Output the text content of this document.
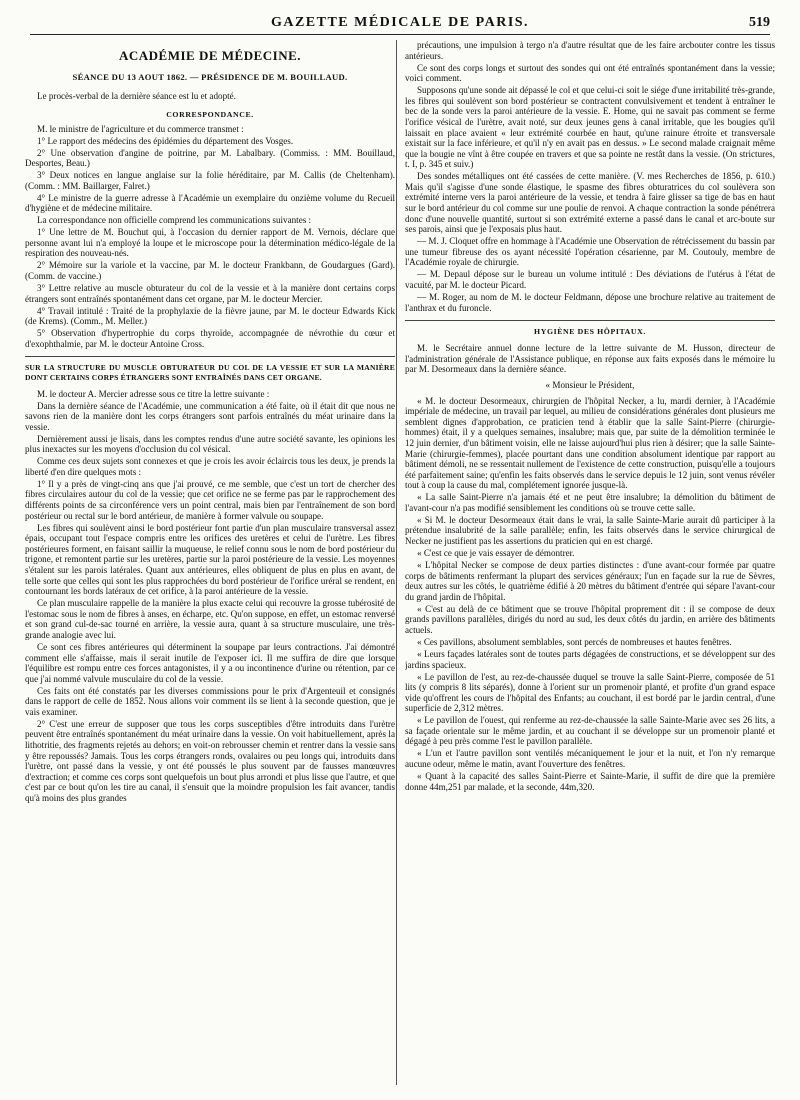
GAZETTE MÉDICALE DE PARIS.	519
ACADÉMIE DE MÉDECINE.
SÉANCE DU 13 AOUT 1862. — PRÉSIDENCE DE M. BOUILLAUD.

Le procès-verbal de la dernière séance est lu et adopté.

CORRESPONDANCE.

M. le ministre de l'agriculture et du commerce transmet :

1° Le rapport des médecins des épidémies du département des Vosges.

2° Une observation d'angine de poitrine, par M. Labalbary. (Commiss. : MM. Bouillaud, Desportes, Beau.)

3° Deux notices en langue anglaise sur la folie héréditaire, par M. Callis (de Cheltenham). (Comm. : MM. Baillarger, Falret.)

4° Le ministre de la guerre adresse à l'Académie un exemplaire du onzième volume du Recueil d'hygiène et de médecine militaire.

La correspondance non officielle comprend les communications suivantes :

1° Une lettre de M. Bouchut qui, à l'occasion du dernier rapport de M. Vernois, déclare que personne avant lui n'a employé la loupe et le microscope pour la détermination médico-légale de la respiration des nouveau-nés.

2° Mémoire sur la variole et la vaccine, par M. le docteur Frankbann, de Goudargues (Gard). (Comm. de vaccine.)

3° Lettre relative au muscle obturateur du col de la vessie et à la manière dont certains corps étrangers sont entraînés spontanément dans cet organe, par M. le docteur Mercier.

4° Travail intitulé : Traité de la prophylaxie de la fièvre jaune, par M. le docteur Edwards Kick (de Krems). (Comm., M. Meller.)

5° Observation d'hypertrophie du corps thyroïde, accompagnée de névrothie du cœur et d'exophthalmie, par M. le docteur Antoine Cross.

SUR LA STRUCTURE DU MUSCLE OBTURATEUR DU COL DE LA VESSIE ET SUR LA MANIÈRE DONT CERTAINS CORPS ÉTRANGERS SONT ENTRAÎNÉS DANS CET ORGANE.

M. le docteur A. Mercier adresse sous ce titre la lettre suivante :

Dans la dernière séance de l'Académie, une communication a été faite, où il était dit que nous ne savons rien de la manière dont les corps étrangers sont parfois entraînés du méat urinaire dans la vessie.

Dernièrement aussi je lisais, dans les comptes rendus d'une autre société savante, les opinions les plus inexactes sur les moyens d'occlusion du col vésical.

Comme ces deux sujets sont connexes et que je crois les avoir éclaircis tous les deux, je prends la liberté d'en dire quelques mots :

1° Il y a près de vingt-cinq ans que j'ai prouvé, ce me semble, que c'est un tort de chercher des fibres circulaires autour du col de la vessie; que cet orifice ne se ferme pas par le rapprochement des différents points de sa circonférence vers un point central, mais bien par l'entraînement de son bord postérieur ou rectal sur le bord antérieur, de manière à former valvule ou soupape.

Les fibres qui soulèvent ainsi le bord postérieur font partie d'un plan musculaire transversal assez épais, occupant tout l'espace compris entre les orifices des uretères et celui de l'urètre. Les fibres postérieures forment, en faisant saillir la muqueuse, le relief connu sous le nom de bord postérieur du trigone, et remontent partie sur les uretères, partie sur la paroi postérieure de la vessie. Les moyennes s'étalent sur les parois latérales. Quant aux antérieures, elles obliquent de plus en plus en avant, de telle sorte que celles qui sont les plus rapprochées du bord postérieur de l'orifice uréral se rendent, en contournant les bords latéraux de cet orifice, à la paroi antérieure de la vessie.

Ce plan musculaire rappelle de la manière la plus exacte celui qui recouvre la grosse tubérosité de l'estomac sous le nom de fibres à anses, en écharpe, etc. Qu'on suppose, en effet, un estomac renversé et son grand cul-de-sac tourné en arrière, la vessie aura, quant à sa structure musculaire, une très-grande analogie avec lui.

Ce sont ces fibres antérieures qui déterminent la soupape par leurs contractions. J'ai démontré comment elle s'affaisse, mais il serait inutile de l'exposer ici. Il me suffira de dire que lorsque l'équilibre est rompu entre ces forces antagonistes, il y a ou incontinence d'urine ou rétention, par ce que j'ai nommé valvule musculaire du col de la vessie.

Ces faits ont été constatés par les diverses commissions pour le prix d'Argenteuil et consignés dans le rapport de celle de 1852. Nous allons voir comment ils se lient à la seconde question, que je vais examiner.

2° C'est une erreur de supposer que tous les corps susceptibles d'être introduits dans l'urètre peuvent être entraînés spontanément du méat urinaire dans la vessie. On voit habituellement, après la lithotritie, des fragments rejetés au dehors; en voit-on rebrousser chemin et rentrer dans la vessie sans y être repoussés? Jamais. Tous les corps étrangers ronds, ovalaires ou peu longs qui, introduits dans l'urètre, ont passé dans la vessie, y ont été poussés le plus souvent par de fausses manœuvres d'extraction; et comme ces corps sont quelquefois un bout plus arrondi et plus lisse que l'autre, et que c'est par ce bout qu'on les tire au canal, il s'ensuit que la moindre propulsion les fait avancer, tandis qu'à moins des plus grandes

précautions, une impulsion à tergo n'a d'autre résultat que de les faire arcbouter contre les tissus antérieurs.

Ce sont des corps longs et surtout des sondes qui ont été entraînés spontanément dans la vessie; voici comment.

Supposons qu'une sonde ait dépassé le col et que celui-ci soit le siége d'une irritabilité très-grande, les fibres qui soulèvent son bord postérieur se contractent convulsivement et tendent à entraîner le bec de la sonde vers la paroi antérieure de la vessie. E. Home, qui ne savait pas comment se ferme l'orifice vésical de l'urètre, avait noté, sur deux jeunes gens à canal irritable, que les bougies qu'il laissait en place avaient « leur extrémité courbée en haut, qu'une rainure étroite et transversale existait sur la face inférieure, et qu'il n'y en avait pas en dessus. » Le second malade craignait même que la bougie ne vînt à être coupée en travers et que sa pointe ne restât dans la vessie. (On strictures, t. I, p. 345 et suiv.)

Des sondes métalliques ont été cassées de cette manière. (V. mes Recherches de 1856, p. 610.) Mais qu'il s'agisse d'une sonde élastique, le spasme des fibres obturatrices du col soulèvera son extrémité interne vers la paroi antérieure de la vessie, et tendra à faire glisser sa tige de bas en haut sur le bord antérieur du col comme sur une poulie de renvoi. A chaque contraction la sonde pénétrera donc d'une nouvelle quantité, surtout si son extrémité externe a passé dans le canal et arc-boute sur ses parois, ainsi que je l'exposais plus haut.

— M. J. Cloquet offre en hommage à l'Académie une Observation de rétrécissement du bassin par une tumeur fibreuse des os ayant nécessité l'opération césarienne, par M. Coutouly, membre de l'Académie royale de chirurgie.

— M. Depaul dépose sur le bureau un volume intitulé : Des déviations de l'utérus à l'état de vacuité, par M. le docteur Picard.

— M. Roger, au nom de M. le docteur Feldmann, dépose une brochure relative au traitement de l'anthrax et du furoncle.

HYGIÈNE DES HÔPITAUX.

M. le Secrétaire annuel donne lecture de la lettre suivante de M. Husson, directeur de l'administration générale de l'Assistance publique, en réponse aux faits exposés dans le mémoire lu par M. Desormeaux dans la dernière séance.

« Monsieur le Président,

« M. le docteur Desormeaux, chirurgien de l'hôpital Necker, a lu, mardi dernier, à l'Académie impériale de médecine, un travail par lequel, au milieu de considérations générales dont plusieurs me semblent dignes d'approbation, ce praticien tend à établir que la salle Saint-Pierre (chirurgie-hommes) était, il y a quelques semaines, insalubre; mais que, par suite de la démolition terminée le 12 juin dernier, d'un bâtiment voisin, elle ne laisse aujourd'hui plus rien à désirer; que la salle Sainte-Marie (chirurgie-femmes), placée pourtant dans une condition absolument identique par rapport au bâtiment démoli, ne se ressentait nullement de l'existence de cette construction, puisqu'elle a toujours été parfaitement saine; qu'enfin les faits observés dans le service depuis le 12 juin, sont venus révéler tout à coup la cause du mal, complétement ignorée jusque-là.

« La salle Saint-Pierre n'a jamais été et ne peut être insalubre; la démolition du bâtiment de l'avant-cour n'a pas modifié sensiblement les conditions où se trouve cette salle.

« Si M. le docteur Desormeaux était dans le vrai, la salle Sainte-Marie aurait dû participer à la prétendue insalubrité de la salle parallèle; enfin, les faits observés dans le service chirurgical de Necker ne justifient pas les assertions du praticien qui en est chargé.

« C'est ce que je vais essayer de démontrer.

« L'hôpital Necker se compose de deux parties distinctes : d'une avant-cour formée par quatre corps de bâtiments renfermant la plupart des services généraux; l'un en façade sur la rue de Sèvres, deux autres sur les côtés, le quatrième édifié à 20 mètres du bâtiment d'entrée qui sépare l'avant-cour du grand jardin de l'hôpital.

« C'est au delà de ce bâtiment que se trouve l'hôpital proprement dit : il se compose de deux grands pavillons parallèles, dirigés du nord au sud, les deux côtés du jardin, en arrière des bâtiments actuels.

« Ces pavillons, absolument semblables, sont percés de nombreuses et hautes fenêtres.

« Leurs façades latérales sont de toutes parts dégagées de constructions, et se développent sur des jardins spacieux.

« Le pavillon de l'est, au rez-de-chaussée duquel se trouve la salle Saint-Pierre, composée de 51 lits (y compris 8 lits séparés), donne à l'orient sur un promenoir planté, et profite d'un grand espace vide qu'offrent les cours de l'hôpital des Enfants; au couchant, il est bordé par le jardin central, d'une superficie de 2,312 mètres.

« Le pavillon de l'ouest, qui renferme au rez-de-chaussée la salle Sainte-Marie avec ses 26 lits, a sa façade orientale sur le même jardin, et au couchant il se développe sur un promenoir planté et dégagé à peu près comme l'est le pavillon parallèle.

« L'un et l'autre pavillon sont ventilés mécaniquement le jour et la nuit, et l'on n'y remarque aucune odeur, même le matin, avant l'ouverture des fenêtres.

« Quant à la capacité des salles Saint-Pierre et Sainte-Marie, il suffit de dire que la première donne 44m,251 par malade, et la seconde, 44m,320.
